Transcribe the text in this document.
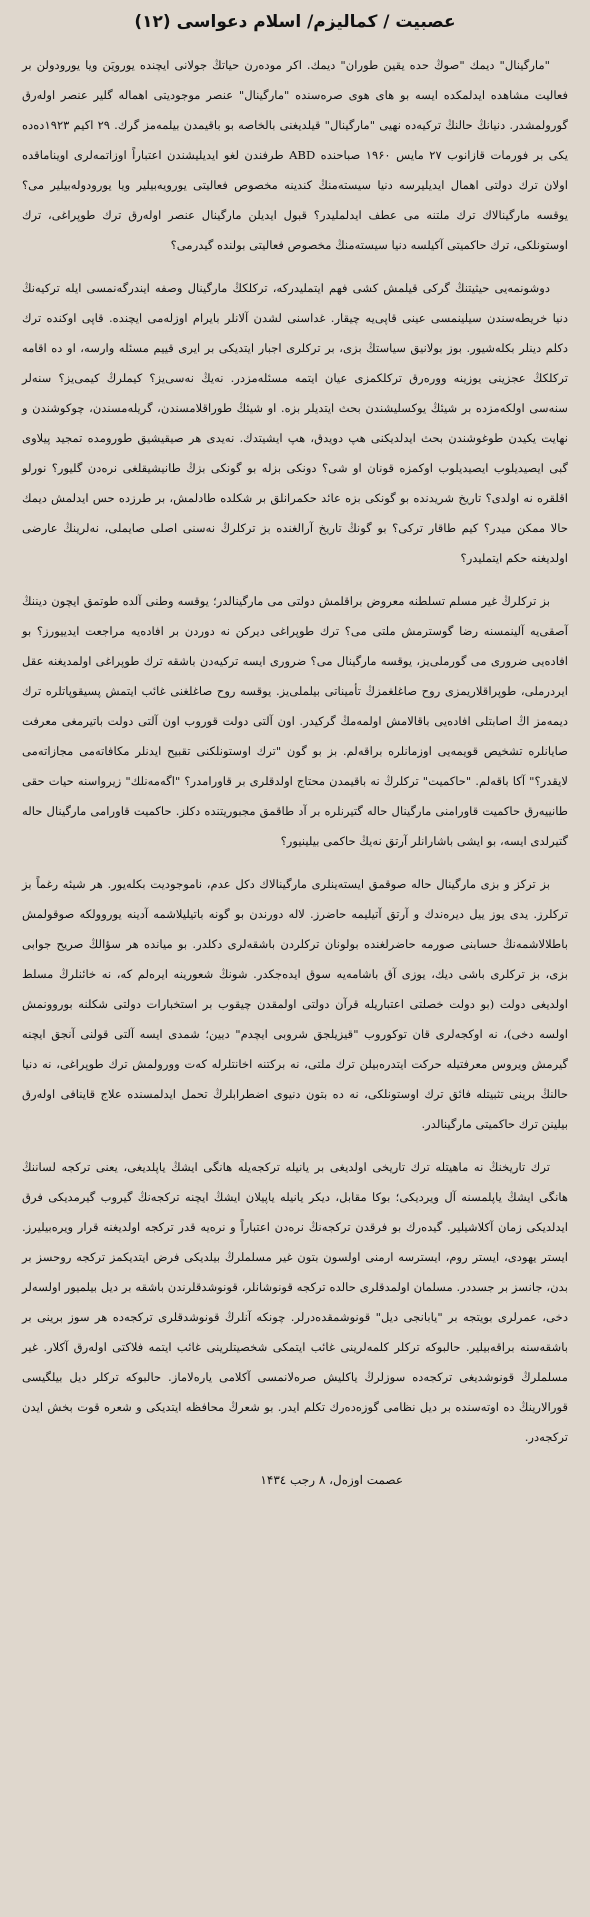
عصبیت / کمالیزم/ اسلام دعواسی (۱۲)

"مارگینال" دیمك "صوڭ حده یقین طوران" دیمك. اکر موده‌رن حیاتڭ جولانی ایچنده یورویَن ویا یورودولن بر فعالیت مشاهده ایدلمکده ایسه بو های هوی صره‌سنده "مارگینال" عنصر موجودیتی اهماله گلیر عنصر اولەرق گورولمشدر. دنیانڭ حالنڭ ترکیەده نهیی "مارگینال" قیلدیغنی بالخاصه بو باقیمدن بیلمه‌مز گرك. ۲۹ اکیم ۱۹۲۳ده‌ده یکی بر فورمات قازانوب ۲۷ مایس ۱۹۶۰ صباحنده ABD طرفندن لغو ایدیلیشندن اعتباراً اوزاتمەلری اویناماقده اولان ترك دولتی اهمال ایدیلیرسه دنیا سیستەمنڭ کندینه مخصوص فعالیتی یورویه‌بیلیر ویا یورودوله‌بیلیر می؟ یوقسه مارگینالاك ترك ملتنه می عطف ایدلملیدر؟ قبول ایدیلن مارگینال عنصر اولەرق ترك طوپراغی، ترك اوستونلکی، ترك حاکمیتی آکیلسه دنیا سیستەمنڭ مخصوص فعالیتی بولنده گیدرمی؟

دوشونمه‌یی حیثیتنڭ گرکی قیلمش کشی فهم ایتملیدرکه، ترکلكڭ مارگینال وصفه ایندرگه‌نمسی ایله ترکیەنڭ دنیا خریطه‌سندن سیلینمسی عینی قاپی‌یه چیقار. غداسنی لشدن آلانلر بایرام اوزلەمی ایچنده. قاپی اوکنده ترك دکلم دینلر بکلەشیور. بوز بولانیق سیاستڭ بزی، بر ترکلری اجبار ایتدیکی بر ایری قییم مسئله وارسه، او ده اقامه ترکلكڭ عجزینی یوزینه ووره‌رق ترکلکمزی عیان ایتمه مسئله‌مزدر. نه‌یڭ نه‌سی‌یز؟ کیملرڭ کیمی‌یز؟ سنه‌لر سنه‌سی اولکه‌مزده بر شیئڭ یوکسلیشندن بحث ایتدیلر بزه. او شیئڭ طوراقلامسندن، گریلەمسندن، چوکوشندن و نهایت یکیدن طوغوشندن بحث ایدلدیکنی هپ دویدق، هپ ایشیتدك. نه‌یدی هر صیقیشیق طورومده تمجید پیلاوی گبی ایصیدیلوب ایصیدیلوب اوکمزه قونان او شی؟ دونکی بزله بو گونکی بزڭ طانیشیقلغی نره‌دن گلیور؟ نورلو اقلقره نه اولدی؟ تاریخ شریدنده بو گونکی بزه عائد حکمرانلق بر شکلده طادلمش، بر طرزده حس ایدلمش دیمك حالا ممکن میدر؟ کیم طاقار ترکی؟ بو گونڭ تاریخ آرالغنده بز ترکلرڭ نه‌سنی اصلی صایملی، نه‌لرینڭ عارضی اولدیغنه حکم ایتملیدر؟

بز ترکلرڭ غیر مسلم تسلطنه معروض براقلمش دولتی می مارگینالدر؛ یوقسه وطنی آلده طوتمق ایچون دیننڭ آصقی‌یه آلینمسنه رضا گوسترمش ملتی می؟ ترك طوپراغی دیرکن نه دوردن بر افاده‌یه مراجعت ایدییورز؟ بو افاده‌یی ضروری می گورملی‌یز، یوقسه مارگینال می؟ ضروری ایسه ترکیەدن باشقه ترك طوپراغی اولمدیغنه عقل ایردرملی، طوپراقلاریمزی روح صاغلغمزڭ تأمیناتی بیلملی‌یز. یوقسه روح صاغلغنی غائب ایتمش پسیقوپاتلره ترك دیمه‌مز اڭ اصابتلی افاده‌یی باقالامش اولمه‌مڭ گرکیدر. اون آلتی دولت قوروب اون آلتی دولت باتیرمغی معرفت صایانلره تشخیص قویمه‌یی اوزمانلره براقەلم. بز بو گون "ترك اوستونلکنی تقبیح ایدنلر مکافاته‌می مجازاته‌می لایقدر؟" آکا باقەلم. "حاکمیت" ترکلرڭ نه باقیمدن محتاج اولدقلری بر قاورامدر؟ "اگەمەنلك" زیرواسنه حیات حقی طانییەرق حاکمیت قاورامنی مارگینال حاله گتیرنلره بر آد طاقمق مجبوریتنده دکلز. حاکمیت قاورامی مارگینال حاله گتیرلدی ایسه، بو ایشی باشارانلر آرتق نه‌یڭ حاکمی بیلینیور؟

بز ترکز و بزی مارگینال حاله صوقمق ایسته‌ینلری مارگینالاك دکل عدم، ناموجودیت بکله‌یور. هر شیئه رغماً بز ترکلرز. یدی یوز ییل دیره‌ندك و آرتق آتیلیمه حاضرز. لاله دورندن بو گونه باتیلیلاشمه آدینه یوروولکه صوقولمش باطلالاشمەنڭ حسابنی صورمه حاضرلغنده بولونان ترکلردن باشقەلری دکلدر. بو میانده هر سؤالڭ صریح جوابی بزی، بز ترکلری باشی دیك، یوزی آق باشامه‌یه سوق ایده‌جکدر. شونڭ شعورینه ایره‌لم که، نه خائنلرڭ مسلط اولدیغی دولت (بو دولت خصلتی اعتباریله قرآن دولتی اولمقدن چیقوب بر استخبارات دولتی شکلنه بوروونمش اولسه دخی)، نه اوکجەلری قان توکوروب "قیزیلجق شروبی ایچدم" دیین؛ شمدی ایسه آلتی قولنی آنجق ایچنه گیرمش ویروس معرفتیله حرکت ایتدره‌بیلن ترك ملتی، نه برکتنه اخانتلرله کەت وورولمش ترك طوپراغی، نه دنیا حالنڭ برینی تثبیتله فائق ترك اوستونلکی، نه ده بتون دنیوی اضطرابلرڭ تحمل ایدلمسنده علاج قاینافی اولەرق بیلینن ترك حاکمیتی مارگینالدر.

ترك تاریخنڭ نه ماهیتله ترك تاریخی اولدیغی بر یانیله ترکجه‌یله هانگی ایشڭ یاپلدیغی، یعنی ترکجه لساننڭ هانگی ایشڭ یاپلمسنه آل ویردیکی؛ بوکا مقابل، دیکر یانیله یاپیلان ایشڭ ایچنه ترکجه‌نڭ گیروب گیرمدیکی فرق ایدلدیکی زمان آکلاشیلیر. گیده‌رك بو فرقدن ترکجه‌نڭ نره‌دن اعتباراً و نره‌یه قدر ترکجه اولدیغنه قرار ویره‌بیلیرز. ایستر یهودی، ایستر روم، ایسترسه ارمنی اولسون بتون غیر مسلملرڭ بیلدیکی فرض ایتدیکمز ترکجه روحسز بر بدن، جانسز بر جسددر. مسلمان اولمدقلری حالده ترکجه قونوشانلر، قونوشدقلرندن باشقه بر دیل بیلمیور اولسه‌لر دخی، عمرلری بویتجه بر "یابانجی دیل" قونوشمقده‌درلر. چونکه آنلرڭ قونوشدقلری ترکجه‌ده هر سوز برینی بر باشقه‌سنه براقه‌بیلیر. حالبوکه ترکلر کلمه‌لرینی غائب ایتمکی شخصیتلرینی غائب ایتمه فلاکتی اولەرق آکلار. غیر مسلملرڭ قونوشدیغی ترکجه‌ده سوزلرڭ یاکلیش صره‌لانمسی آکلامی یاره‌لاماز. حالبوکه ترکلر دیل بیلگیسی قورالارینڭ ده اوته‌سنده بر دیل نظامی گوزه‌ده‌رك تکلم ایدر. بو شعرڭ محافظه ایتدیکی و شعره قوت بخش ایدن ترکجه‌در.

عصمت اوزەل، ۸ رجب ۱۴۳٤
